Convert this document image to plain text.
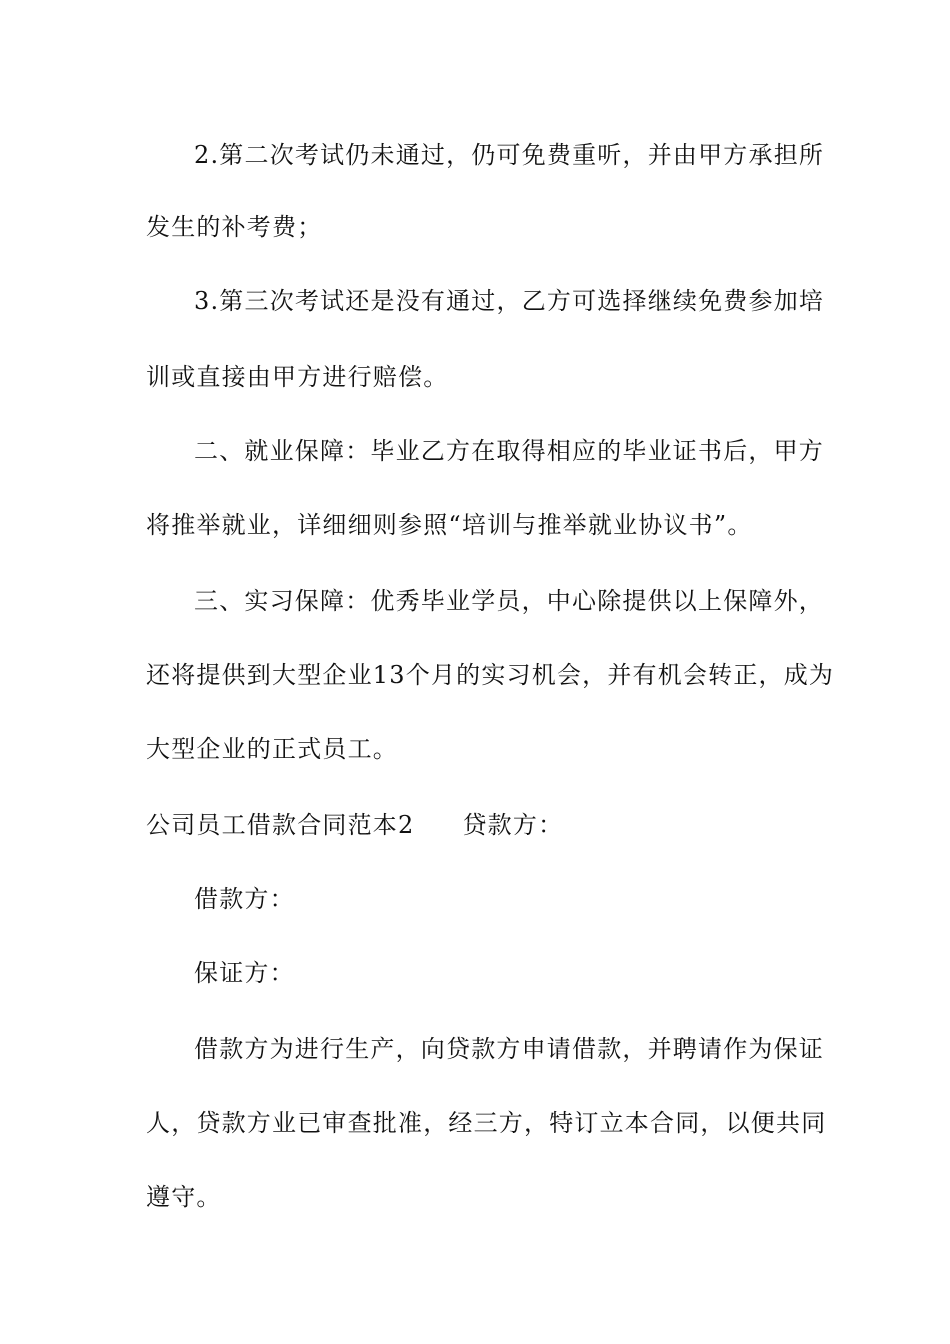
2.第二次考试仍未通过，仍可免费重听，并由甲方承担所
发生的补考费；
3.第三次考试还是没有通过，乙方可选择继续免费参加培
训或直接由甲方进行赔偿。
二、就业保障：毕业乙方在取得相应的毕业证书后，甲方
将推举就业，详细细则参照“培训与推举就业协议书”。
三、实习保障：优秀毕业学员，中心除提供以上保障外，
还将提供到大型企业13个月的实习机会，并有机会转正，成为
大型企业的正式员工。
公司员工借款合同范本2 贷款方：
借款方：
保证方：
借款方为进行生产，向贷款方申请借款，并聘请作为保证
人，贷款方业已审查批准，经三方，特订立本合同，以便共同
遵守。
